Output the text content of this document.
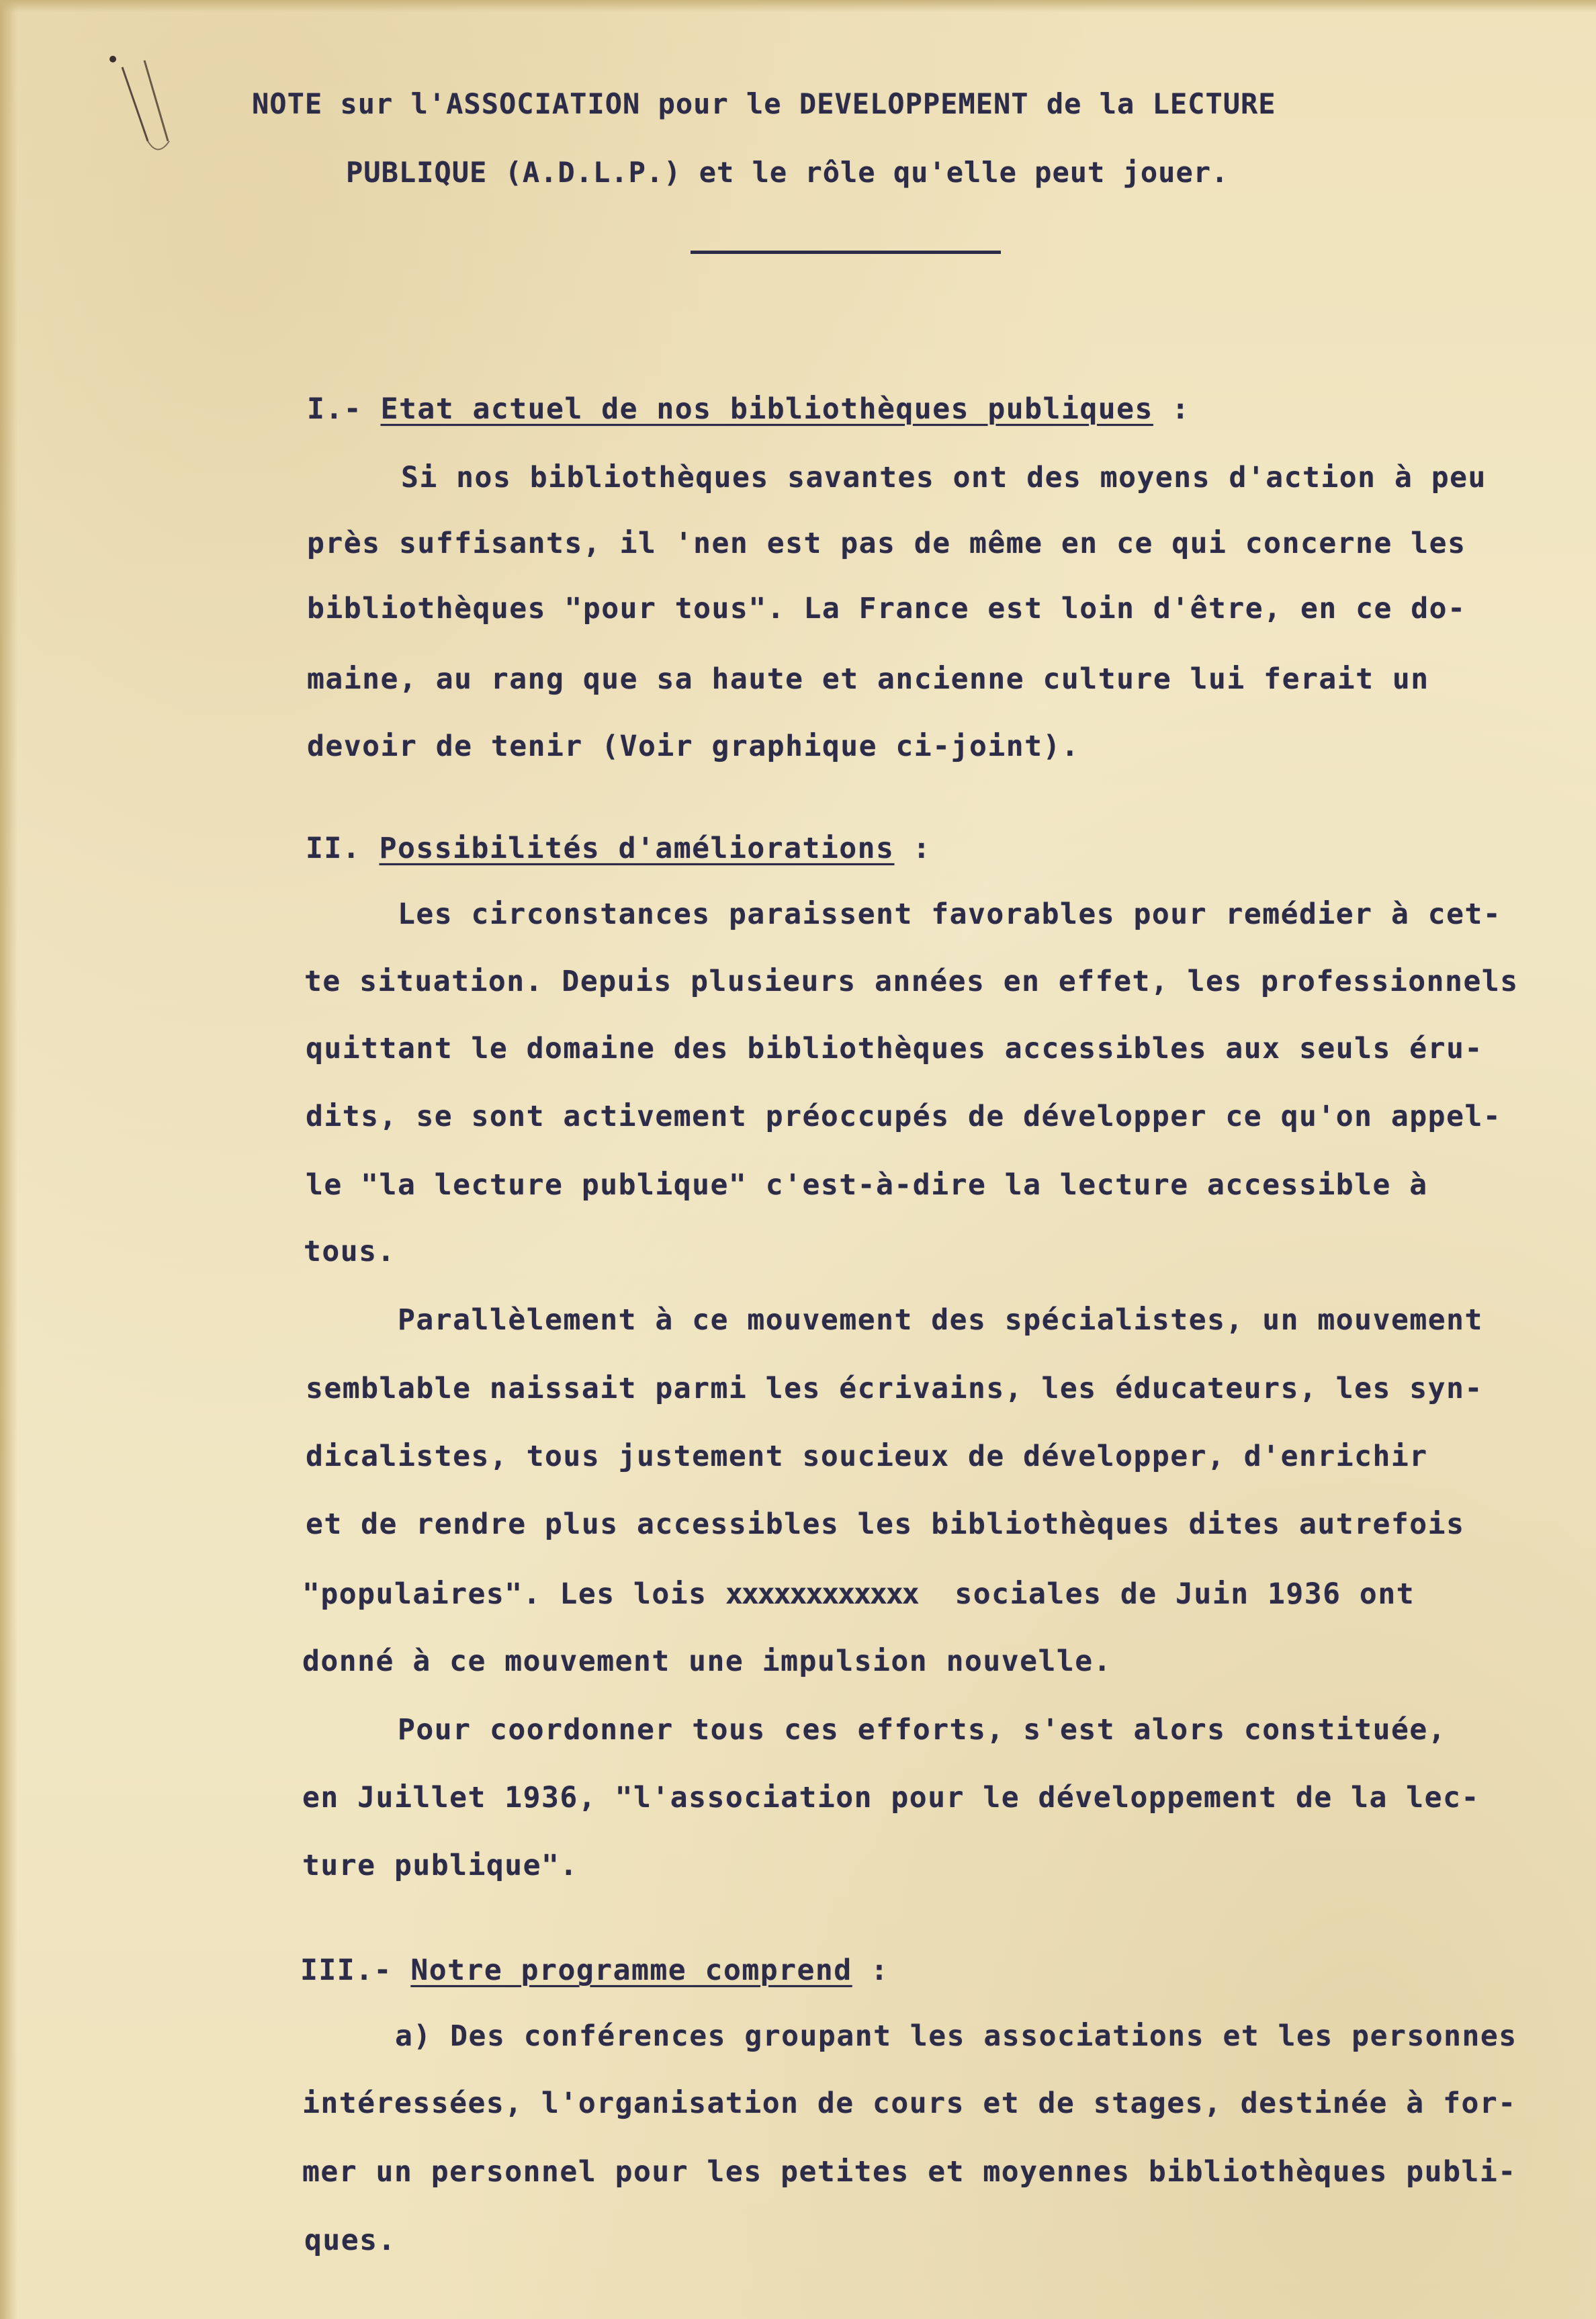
NOTE sur l'ASSOCIATION pour le DEVELOPPEMENT de la LECTURE
PUBLIQUE (A.D.L.P.) et le rôle qu'elle peut jouer.
I.- Etat actuel de nos bibliothèques publiques :
Si nos bibliothèques savantes ont des moyens d'action à peu
près suffisants, il 'nen est pas de même en ce qui concerne les
bibliothèques "pour tous". La France est loin d'être, en ce do-
maine, au rang que sa haute et ancienne culture lui ferait un
devoir de tenir (Voir graphique ci-joint).
II. Possibilités d'améliorations :
Les circonstances paraissent favorables pour remédier à cet-
te situation. Depuis plusieurs années en effet, les professionnels
quittant le domaine des bibliothèques accessibles aux seuls éru-
dits, se sont activement préoccupés de développer ce qu'on appel-
le "la lecture publique" c'est-à-dire la lecture accessible à
tous.
Parallèlement à ce mouvement des spécialistes, un mouvement
semblable naissait parmi les écrivains, les éducateurs, les syn-
dicalistes, tous justement soucieux de développer, d'enrichir
et de rendre plus accessibles les bibliothèques dites autrefois
"populaires". Les lois xxxxxxxxxxxx  sociales de Juin 1936 ont
donné à ce mouvement une impulsion nouvelle.
Pour coordonner tous ces efforts, s'est alors constituée,
en Juillet 1936, "l'association pour le développement de la lec-
ture publique".
III.- Notre programme comprend :
a) Des conférences groupant les associations et les personnes
intéressées, l'organisation de cours et de stages, destinée à for-
mer un personnel pour les petites et moyennes bibliothèques publi-
ques.
